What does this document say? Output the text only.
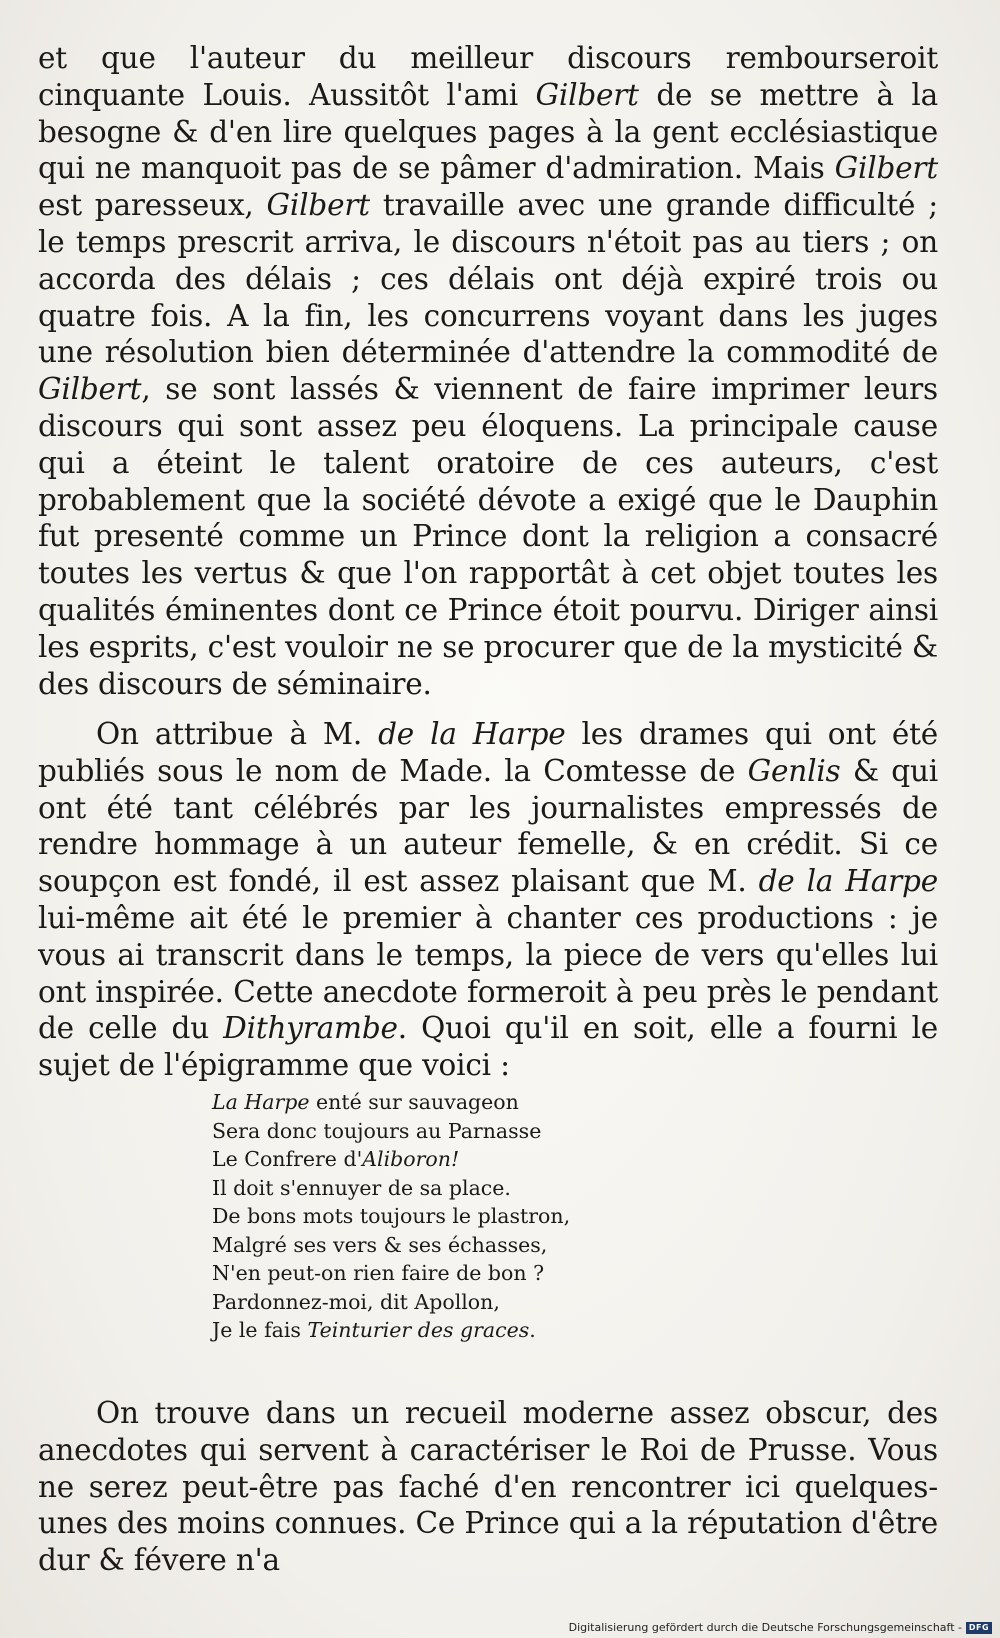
et que l'auteur du meilleur discours rembourseroit cinquante Louis. Aussitôt l'ami Gilbert de se mettre à la besogne & d'en lire quelques pages à la gent ecclésiastique qui ne manquoit pas de se pâmer d'admiration. Mais Gilbert est paresseux, Gilbert travaille avec une grande difficulté ; le temps prescrit arriva, le discours n'étoit pas au tiers ; on accorda des délais ; ces délais ont déjà expiré trois ou quatre fois. A la fin, les concurrens voyant dans les juges une résolution bien déterminée d'attendre la commodité de Gilbert, se sont lassés & viennent de faire imprimer leurs discours qui sont assez peu éloquens. La principale cause qui a éteint le talent oratoire de ces auteurs, c'est probablement que la société dévote a exigé que le Dauphin fut presenté comme un Prince dont la religion a consacré toutes les vertus & que l'on rapportât à cet objet toutes les qualités éminentes dont ce Prince étoit pourvu. Diriger ainsi les esprits, c'est vouloir ne se procurer que de la mysticité & des discours de séminaire.

On attribue à M. de la Harpe les drames qui ont été publiés sous le nom de Made. la Comtesse de Genlis & qui ont été tant célébrés par les journalistes empressés de rendre hommage à un auteur femelle, & en crédit. Si ce soupçon est fondé, il est assez plaisant que M. de la Harpe lui-même ait été le premier à chanter ces productions : je vous ai transcrit dans le temps, la piece de vers qu'elles lui ont inspirée. Cette anecdote formeroit à peu près le pendant de celle du Dithyrambe. Quoi qu'il en soit, elle a fourni le sujet de l'épigramme que voici :

La Harpe enté sur sauvageon
Sera donc toujours au Parnasse
Le Confrere d'Aliboron!
Il doit s'ennuyer de sa place.
De bons mots toujours le plastron,
Malgré ses vers & ses échasses,
N'en peut-on rien faire de bon ?
Pardonnez-moi, dit Apollon,
Je le fais Teinturier des graces.

On trouve dans un recueil moderne assez obscur, des anecdotes qui servent à caractériser le Roi de Prusse. Vous ne serez peut-être pas faché d'en rencontrer ici quelques-unes des moins connues. Ce Prince qui a la réputation d'être dur & févere n'a

Digitalisierung gefördert durch die Deutsche Forschungsgemeinschaft - DFG
